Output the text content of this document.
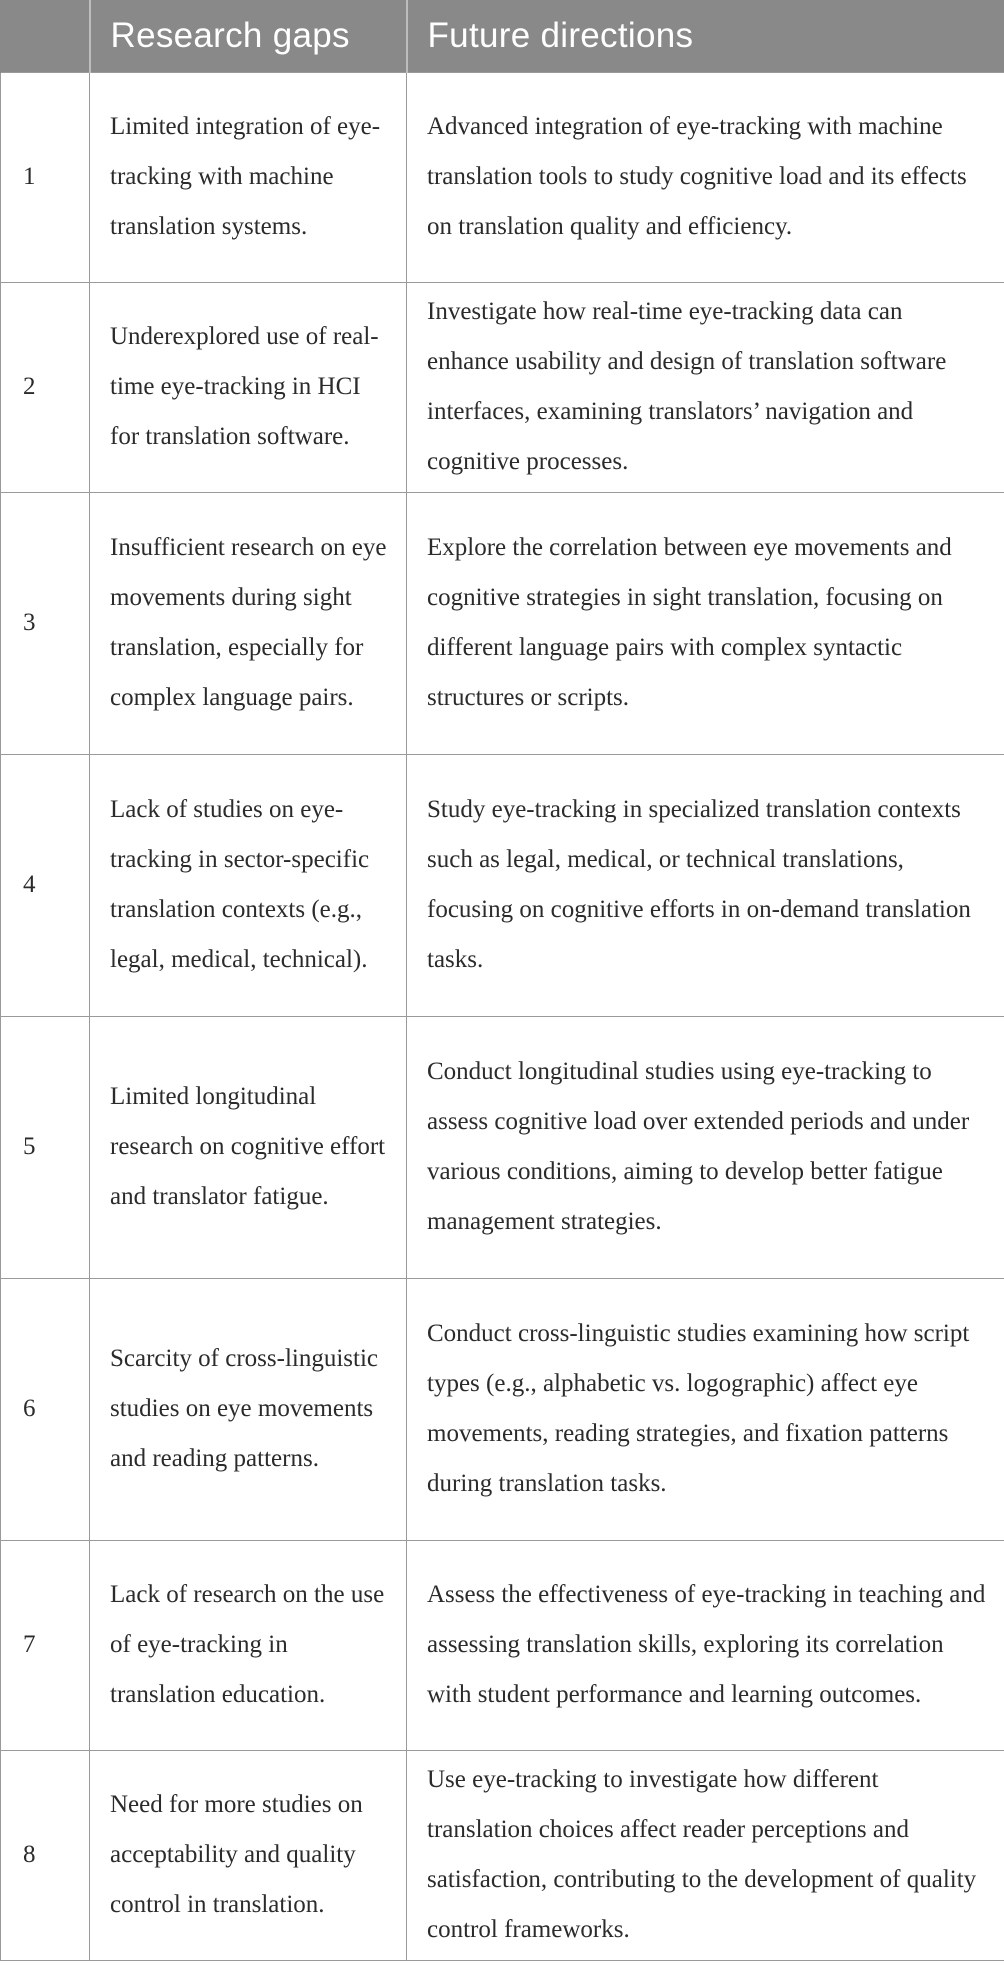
	Research gaps	Future directions
1	Limited integration of eye-tracking with machine translation systems.	Advanced integration of eye-tracking with machine translation tools to study cognitive load and its effects on translation quality and efficiency.
2	Underexplored use of real-time eye-tracking in HCI for translation software.	Investigate how real-time eye-tracking data can enhance usability and design of translation software interfaces, examining translators’ navigation and cognitive processes.
3	Insufficient research on eye movements during sight translation, especially for complex language pairs.	Explore the correlation between eye movements and cognitive strategies in sight translation, focusing on different language pairs with complex syntactic structures or scripts.
4	Lack of studies on eye-tracking in sector-specific translation contexts (e.g., legal, medical, technical).	Study eye-tracking in specialized translation contexts such as legal, medical, or technical translations, focusing on cognitive efforts in on-demand translation tasks.
5	Limited longitudinal research on cognitive effort and translator fatigue.	Conduct longitudinal studies using eye-tracking to assess cognitive load over extended periods and under various conditions, aiming to develop better fatigue management strategies.
6	Scarcity of cross-linguistic studies on eye movements and reading patterns.	Conduct cross-linguistic studies examining how script types (e.g., alphabetic vs. logographic) affect eye movements, reading strategies, and fixation patterns during translation tasks.
7	Lack of research on the use of eye-tracking in translation education.	Assess the effectiveness of eye-tracking in teaching and assessing translation skills, exploring its correlation with student performance and learning outcomes.
8	Need for more studies on acceptability and quality control in translation.	Use eye-tracking to investigate how different translation choices affect reader perceptions and satisfaction, contributing to the development of quality control frameworks.
